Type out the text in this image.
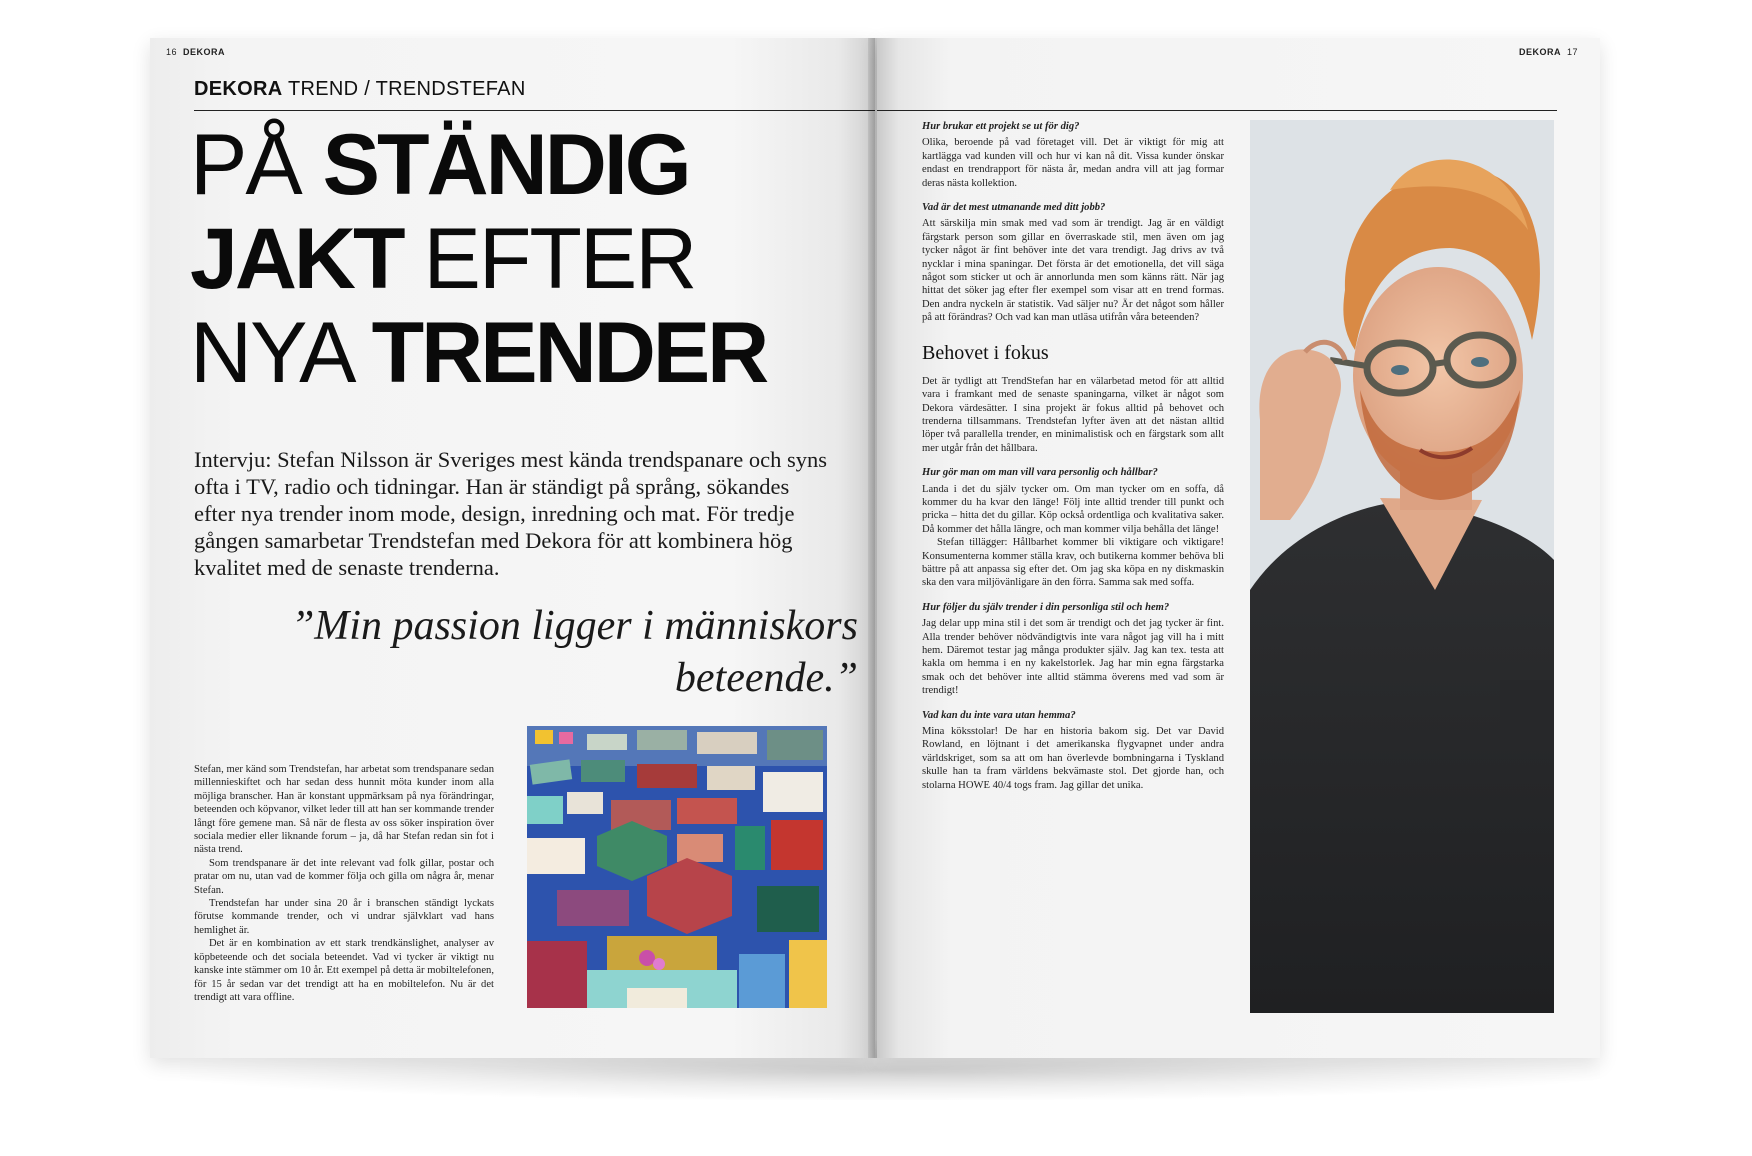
16 DEKORA
DEKORA TREND / TRENDSTEFAN
PÅ STÄNDIG
JAKT EFTER
NYA TRENDER
Intervju: Stefan Nilsson är Sveriges mest kända trendspanare och syns ofta i TV, radio och tidningar. Han är ständigt på språng, sökandes efter nya trender inom mode, design, inredning och mat. För tredje gången samarbetar Trendstefan med Dekora för att kombinera hög kvalitet med de senaste trenderna.
”Min passion ligger i människors beteende.”

Stefan, mer känd som Trendstefan, har arbetat som trendspanare sedan millennieskiftet och har sedan dess hunnit möta kunder inom alla möjliga branscher. Han är konstant uppmärksam på nya förändringar, beteenden och köpvanor, vilket leder till att han ser kommande trender långt före gemene man. Så när de flesta av oss söker inspiration över sociala medier eller liknande forum – ja, då har Stefan redan sin fot i nästa trend.

Som trendspanare är det inte relevant vad folk gillar, postar och pratar om nu, utan vad de kommer följa och gilla om några år, menar Stefan.

Trendstefan har under sina 20 år i branschen ständigt lyckats förutse kommande trender, och vi undrar självklart vad hans hemlighet är.

Det är en kombination av ett stark trendkänslighet, analyser av köpbeteende och det sociala beteendet. Vad vi tycker är viktigt nu kanske inte stämmer om 10 år. Ett exempel på detta är mobiltelefonen, för 15 år sedan var det trendigt att ha en mobiltelefon. Nu är det trendigt att vara offline.

DEKORA 17

Hur brukar ett projekt se ut för dig?

Olika, beroende på vad företaget vill. Det är viktigt för mig att kartlägga vad kunden vill och hur vi kan nå dit. Vissa kunder önskar endast en trendrapport för nästa år, medan andra vill att jag formar deras nästa kollektion.

Vad är det mest utmanande med ditt jobb?

Att särskilja min smak med vad som är trendigt. Jag är en väldigt färgstark person som gillar en överraskade stil, men även om jag tycker något är fint behöver inte det vara trendigt. Jag drivs av två nycklar i mina spaningar. Det första är det emotionella, det vill säga något som sticker ut och är annorlunda men som känns rätt. När jag hittat det söker jag efter fler exempel som visar att en trend formas. Den andra nyckeln är statistik. Vad säljer nu? Är det något som håller på att förändras? Och vad kan man utläsa utifrån våra beteenden?

Behovet i fokus

Det är tydligt att TrendStefan har en välarbetad metod för att alltid vara i framkant med de senaste spaningarna, vilket är något som Dekora värdesätter. I sina projekt är fokus alltid på behovet och trenderna tillsammans. Trendstefan lyfter även att det nästan alltid löper två parallella trender, en minimalistisk och en färgstark som allt mer utgår från det hållbara.

Hur gör man om man vill vara personlig och hållbar?

Landa i det du själv tycker om. Om man tycker om en soffa, då kommer du ha kvar den länge! Följ inte alltid trender till punkt och pricka – hitta det du gillar. Köp också ordentliga och kvalitativa saker. Då kommer det hålla längre, och man kommer vilja behålla det länge!

Stefan tillägger: Hållbarhet kommer bli viktigare och viktigare! Konsumenterna kommer ställa krav, och butikerna kommer behöva bli bättre på att anpassa sig efter det. Om jag ska köpa en ny diskmaskin ska den vara miljövänligare än den förra. Samma sak med soffa.

Hur följer du själv trender i din personliga stil och hem?

Jag delar upp mina stil i det som är trendigt och det jag tycker är fint. Alla trender behöver nödvändigtvis inte vara något jag vill ha i mitt hem. Däremot testar jag många produkter själv. Jag kan tex. testa att kakla om hemma i en ny kakelstorlek. Jag har min egna färgstarka smak och det behöver inte alltid stämma överens med vad som är trendigt!

Vad kan du inte vara utan hemma?

Mina köksstolar! De har en historia bakom sig. Det var David Rowland, en löjtnant i det amerikanska flygvapnet under andra världskriget, som sa att om han överlevde bombningarna i Tyskland skulle han ta fram världens bekvämaste stol. Det gjorde han, och stolarna HOWE 40/4 togs fram. Jag gillar det unika.
